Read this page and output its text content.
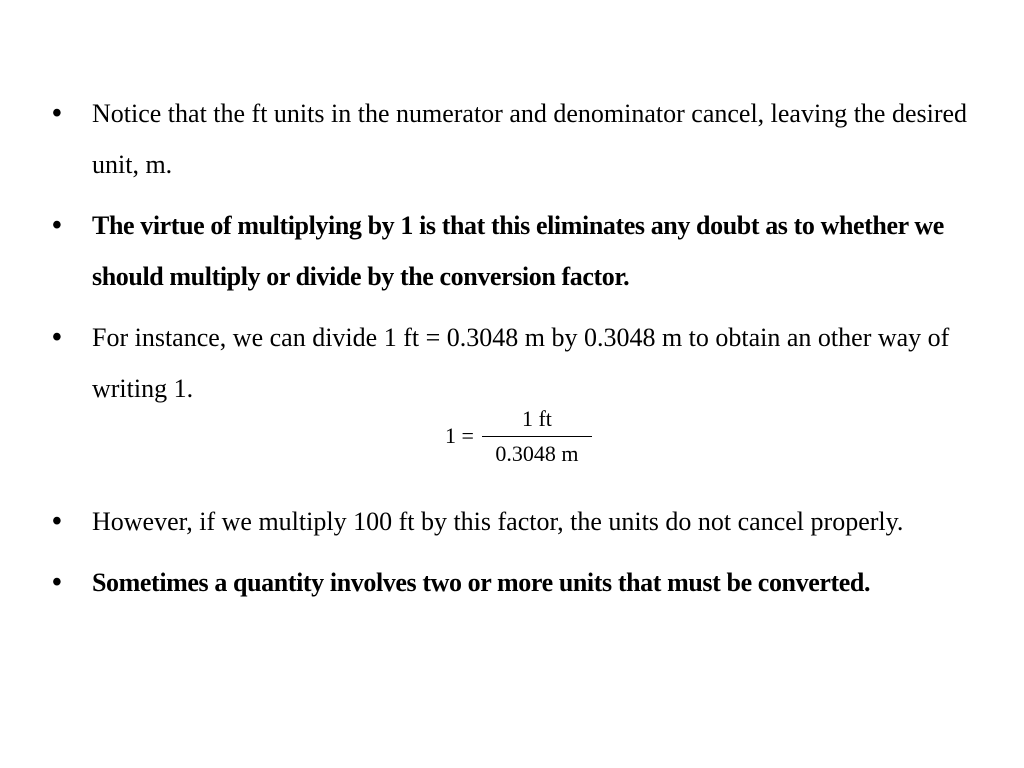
• Notice that the ft units in the numerator and denominator cancel, leaving the desired unit, m.
• The virtue of multiplying by 1 is that this eliminates any doubt as to whether we should multiply or divide by the conversion factor.
• For instance, we can divide 1 ft = 0.3048 m by 0.3048 m to obtain an other way of writing 1.
• However, if we multiply 100 ft by this factor, the units do not cancel properly.
• Sometimes a quantity involves two or more units that must be converted.
$1 = \frac{1 ft}{0.3048 m}$
